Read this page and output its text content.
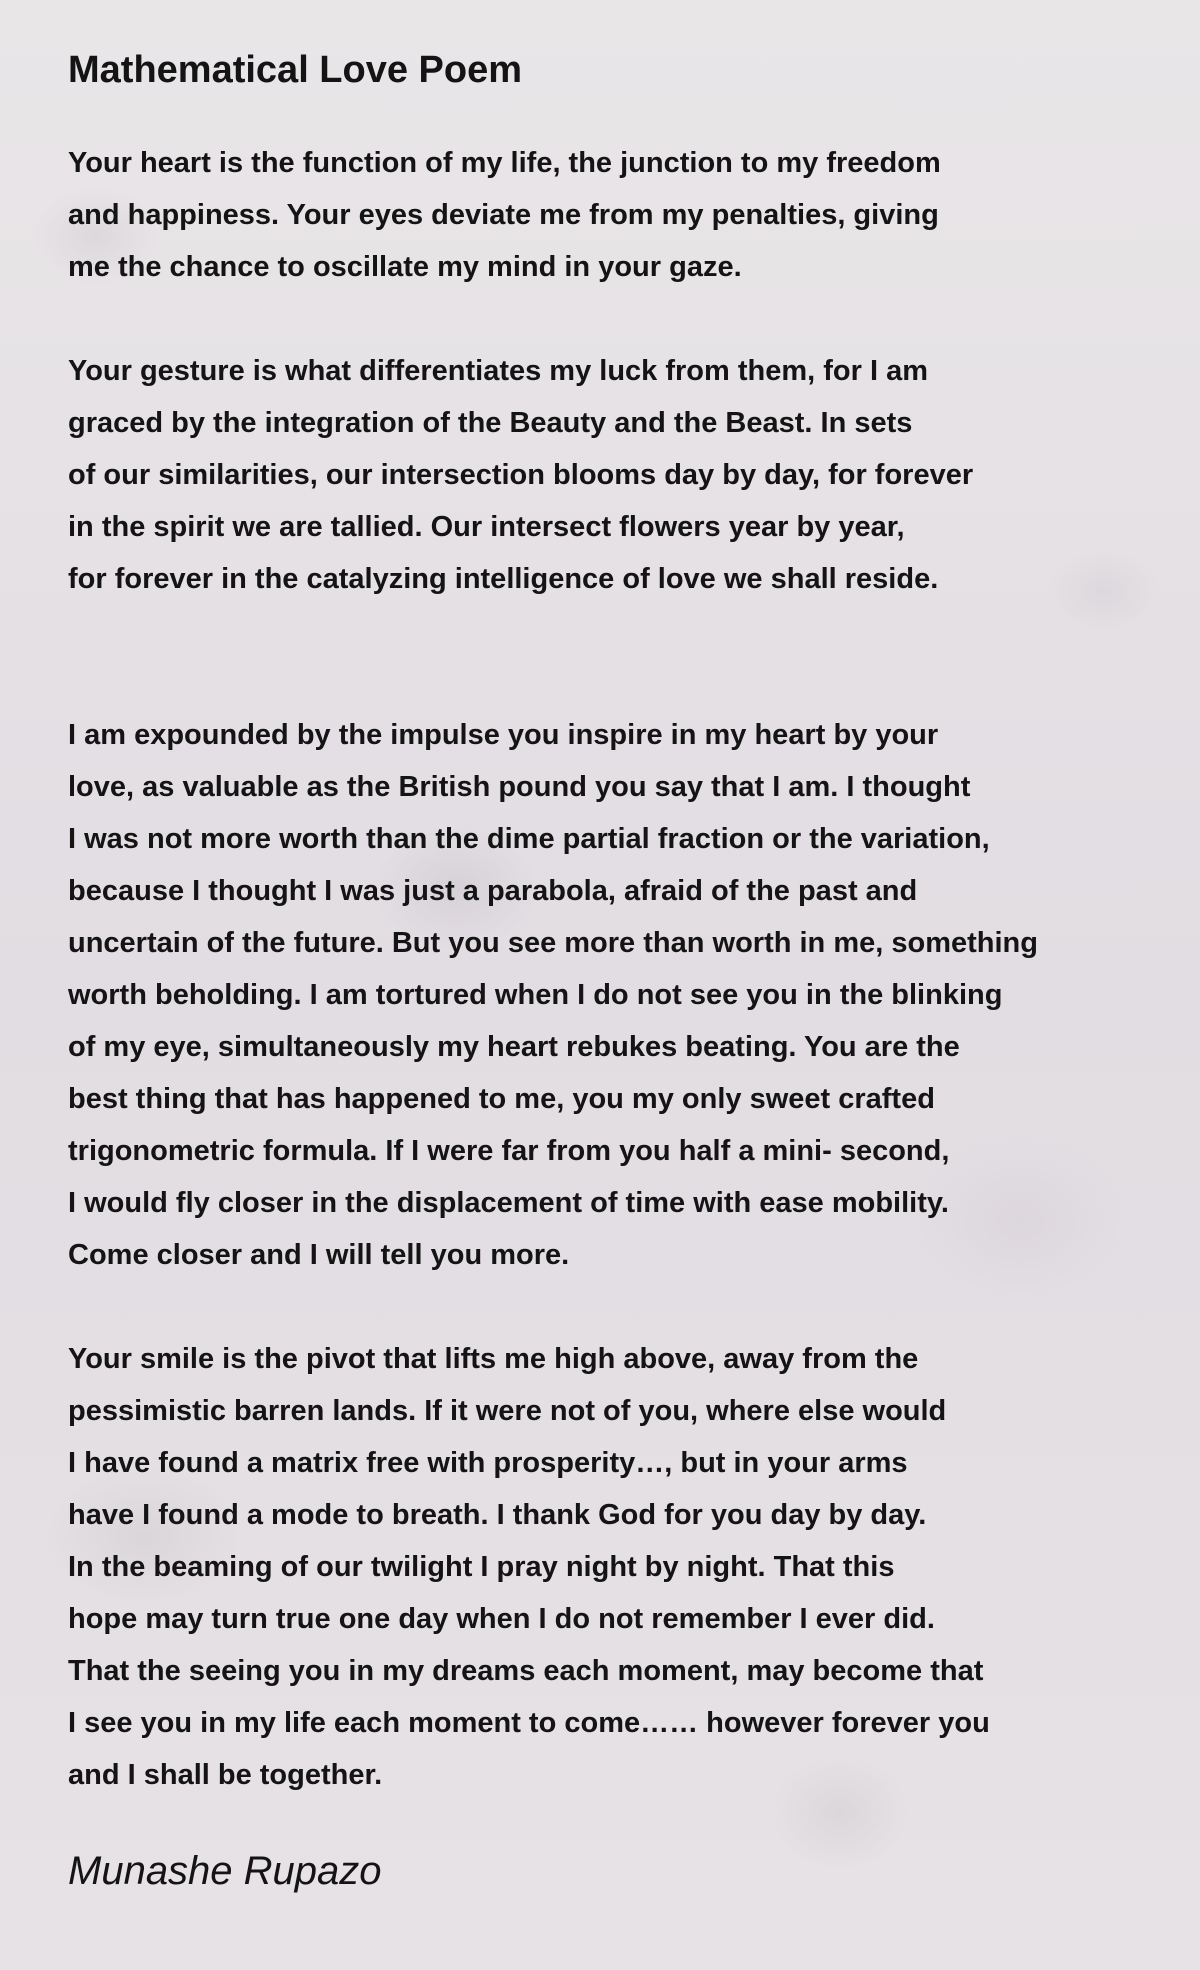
Mathematical Love Poem
Your heart is the function of my life, the junction to my freedom
and happiness. Your eyes deviate me from my penalties, giving
me the chance to oscillate my mind in your gaze.
Your gesture is what differentiates my luck from them, for I am
graced by the integration of the Beauty and the Beast. In sets
of our similarities, our intersection blooms day by day, for forever
in the spirit we are tallied. Our intersect flowers year by year,
for forever in the catalyzing intelligence of love we shall reside.
I am expounded by the impulse you inspire in my heart by your
love, as valuable as the British pound you say that I am. I thought
I was not more worth than the dime partial fraction or the variation,
because I thought I was just a parabola, afraid of the past and
uncertain of the future. But you see more than worth in me, something
worth beholding. I am tortured when I do not see you in the blinking
of my eye, simultaneously my heart rebukes beating. You are the
best thing that has happened to me, you my only sweet crafted
trigonometric formula. If I were far from you half a mini- second,
I would fly closer in the displacement of time with ease mobility.
Come closer and I will tell you more.
Your smile is the pivot that lifts me high above, away from the
pessimistic barren lands. If it were not of you, where else would
I have found a matrix free with prosperity…, but in your arms
have I found a mode to breath. I thank God for you day by day.
In the beaming of our twilight I pray night by night. That this
hope may turn true one day when I do not remember I ever did.
That the seeing you in my dreams each moment, may become that
I see you in my life each moment to come…… however forever you
and I shall be together.
Munashe Rupazo
